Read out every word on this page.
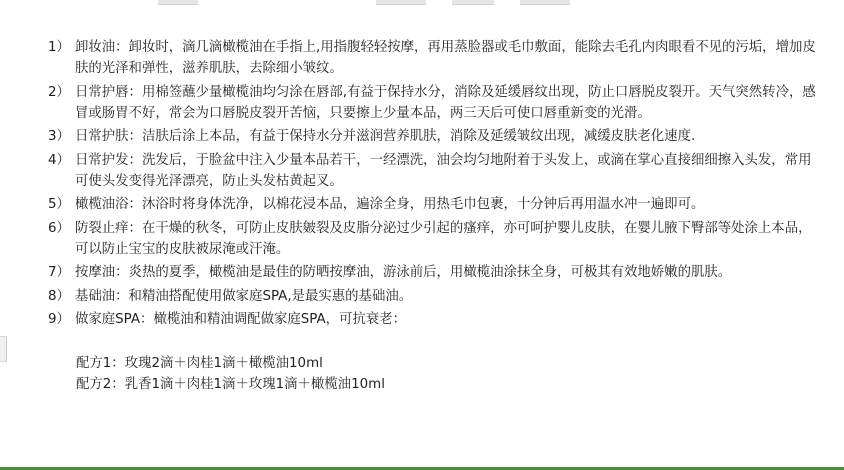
1） 卸妆油：卸妆时，滴几滴橄榄油在手指上,用指腹轻轻按摩，再用蒸脸器或毛巾敷面，能除去毛孔内肉眼看不见的污垢，增加皮肤的光泽和弹性，滋养肌肤，去除细小皱纹。
2） 日常护唇：用棉签蘸少量橄榄油均匀涂在唇部,有益于保持水分，消除及延缓唇纹出现，防止口唇脱皮裂开。天气突然转冷，感冒或肠胃不好，常会为口唇脱皮裂开苦恼，只要擦上少量本品，两三天后可使口唇重新变的光滑。
3） 日常护肤：洁肤后涂上本品，有益于保持水分并滋润营养肌肤，消除及延缓皱纹出现，减缓皮肤老化速度.
4） 日常护发：洗发后，于脸盆中注入少量本品若干，一经漂洗，油会均匀地附着于头发上，或滴在掌心直接细细擦入头发，常用可使头发变得光泽漂亮，防止头发枯黄起叉。
5） 橄榄油浴：沐浴时将身体洗净，以棉花浸本品，遍涂全身，用热毛巾包裹，十分钟后再用温水冲一遍即可。
6） 防裂止痒：在干燥的秋冬，可防止皮肤皴裂及皮脂分泌过少引起的瘙痒，亦可呵护婴儿皮肤，在婴儿腋下臀部等处涂上本品，可以防止宝宝的皮肤被尿淹或汗淹。
7） 按摩油：炎热的夏季，橄榄油是最佳的防晒按摩油，游泳前后，用橄榄油涂抹全身，可极其有效地娇嫩的肌肤。
8） 基础油：和精油搭配使用做家庭SPA,是最实惠的基础油。
9） 做家庭SPA：橄榄油和精油调配做家庭SPA，可抗衰老：
配方1：玫瑰2滴＋肉桂1滴＋橄榄油10ml
配方2：乳香1滴＋肉桂1滴＋玫瑰1滴＋橄榄油10ml
